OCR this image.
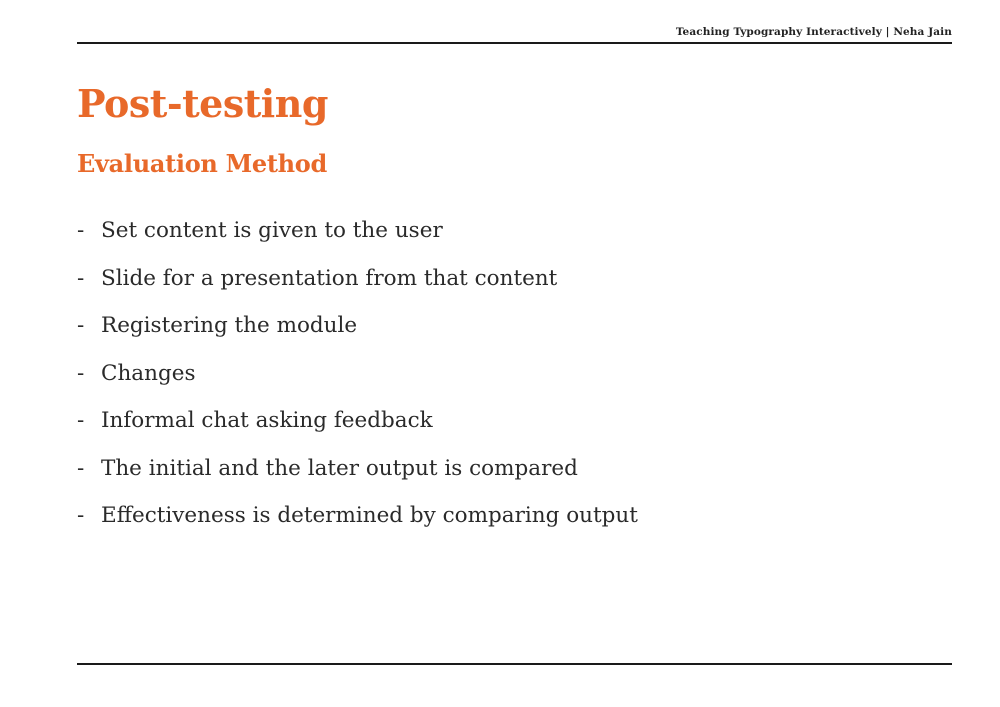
Teaching Typography Interactively | Neha Jain
Post-testing
Evaluation Method
- Set content is given to the user
- Slide for a presentation from that content
- Registering the module
- Changes
- Informal chat asking feedback
- The initial and the later output is compared
- Effectiveness is determined by comparing output
